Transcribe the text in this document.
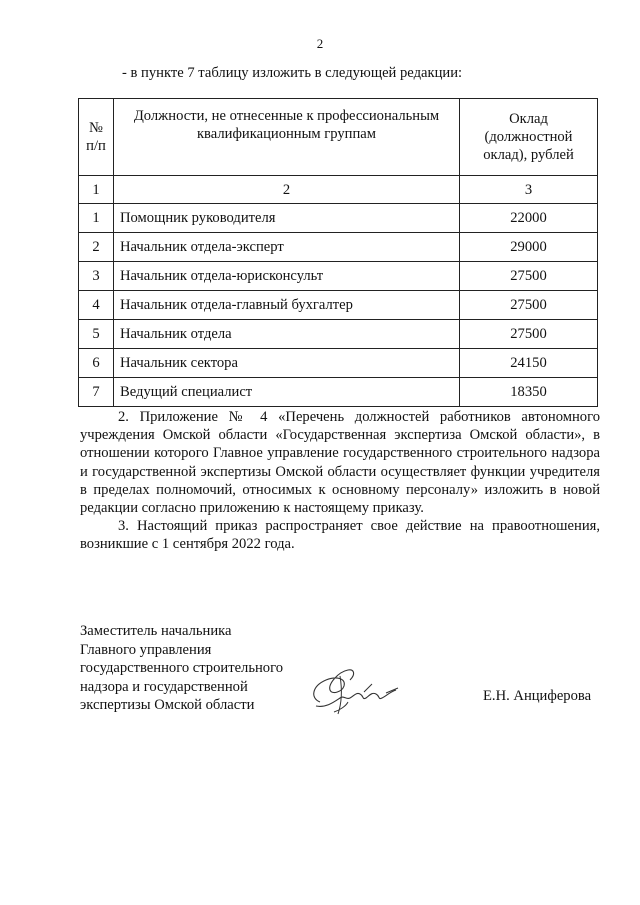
2
- в пункте 7 таблицу изложить в следующей редакции:
№ п/п	Должности, не отнесенные к профессиональным квалификационным группам	Оклад (должностной оклад), рублей
1	2	3
1	Помощник руководителя	22000
2	Начальник отдела-эксперт	29000
3	Начальник отдела-юрисконсульт	27500
4	Начальник отдела-главный бухгалтер	27500
5	Начальник отдела	27500
6	Начальник сектора	24150
7	Ведущий специалист	18350

2. Приложение № 4 «Перечень должностей работников автономного учреждения Омской области «Государственная экспертиза Омской области», в отношении которого Главное управление государственного строительного надзора и государственной экспертизы Омской области осуществляет функции учредителя в пределах полномочий, относимых к основному персоналу» изложить в новой редакции согласно приложению к настоящему приказу.

3. Настоящий приказ распространяет свое действие на правоотношения, возникшие с 1 сентября 2022 года.

Заместитель начальника
Главного управления
государственного строительного
надзора и государственной
экспертизы Омской области
Е.Н. Анциферова
